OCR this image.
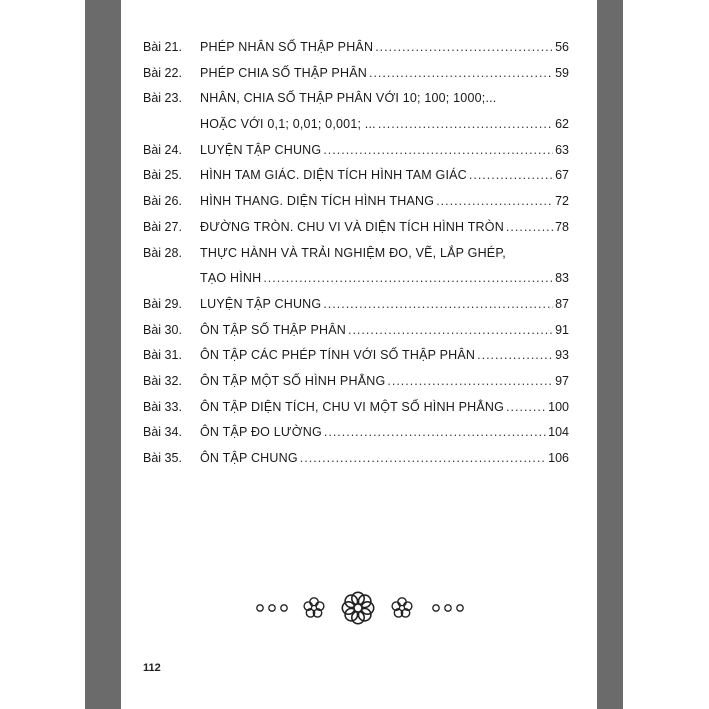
Bài 21.	PHÉP NHÂN SỐ THẬP PHÂN .....	56
Bài 22.	PHÉP CHIA SỐ THẬP PHÂN .....	59
Bài 23.	NHÂN, CHIA SỐ THẬP PHÂN VỚI 10; 100; 1000;...
HOẶC VỚI 0,1; 0,01; 0,001; ... .....	62
Bài 24.	LUYỆN TẬP CHUNG .....	63
Bài 25.	HÌNH TAM GIÁC. DIỆN TÍCH HÌNH TAM GIÁC .....	67
Bài 26.	HÌNH THANG. DIỆN TÍCH HÌNH THANG .....	72
Bài 27.	ĐƯỜNG TRÒN. CHU VI VÀ DIỆN TÍCH HÌNH TRÒN .....	78
Bài 28.	THỰC HÀNH VÀ TRẢI NGHIỆM ĐO, VẼ, LẮP GHÉP,
TẠO HÌNH .....	83
Bài 29.	LUYỆN TẬP CHUNG .....	87
Bài 30.	ÔN TẬP SỐ THẬP PHÂN .....	91
Bài 31.	ÔN TẬP CÁC PHÉP TÍNH VỚI SỐ THẬP PHÂN .....	93
Bài 32.	ÔN TẬP MỘT SỐ HÌNH PHẲNG .....	97
Bài 33.	ÔN TẬP DIỆN TÍCH, CHU VI MỘT SỐ HÌNH PHẲNG .....	100
Bài 34.	ÔN TẬP ĐO LƯỜNG .....	104
Bài 35.	ÔN TẬP CHUNG .....	106
112
